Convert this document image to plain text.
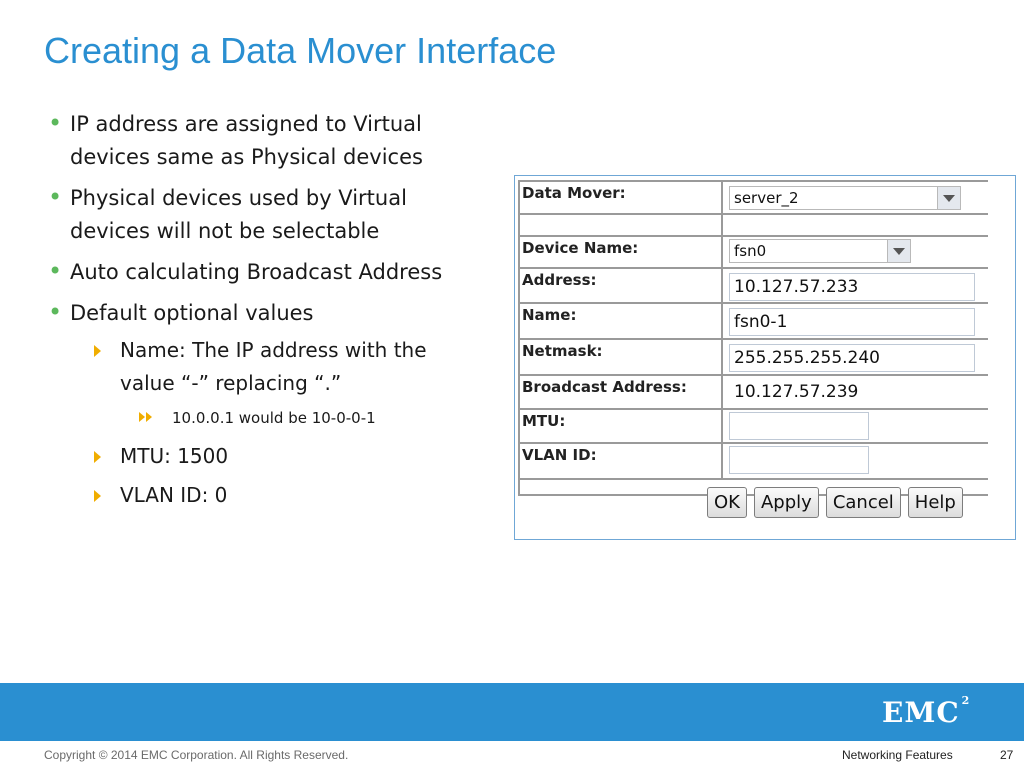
Creating a Data Mover Interface
• IP address are assigned to Virtual devices same as Physical devices
• Physical devices used by Virtual devices will not be selectable
• Auto calculating Broadcast Address
• Default optional values
Name: The IP address with the value “-” replacing “.”
10.0.0.1 would be 10-0-0-1
MTU: 1500
VLAN ID: 0
Data Mover:	server_2
Device Name:	fsn0
Address:	10.127.57.233
Name:	fsn0-1
Netmask:	255.255.255.240
Broadcast Address:	10.127.57.239
MTU:
VLAN ID:
OK	Apply	Cancel	Help
EMC $^2$
Copyright © 2014 EMC Corporation. All Rights Reserved.	Networking Features	27
